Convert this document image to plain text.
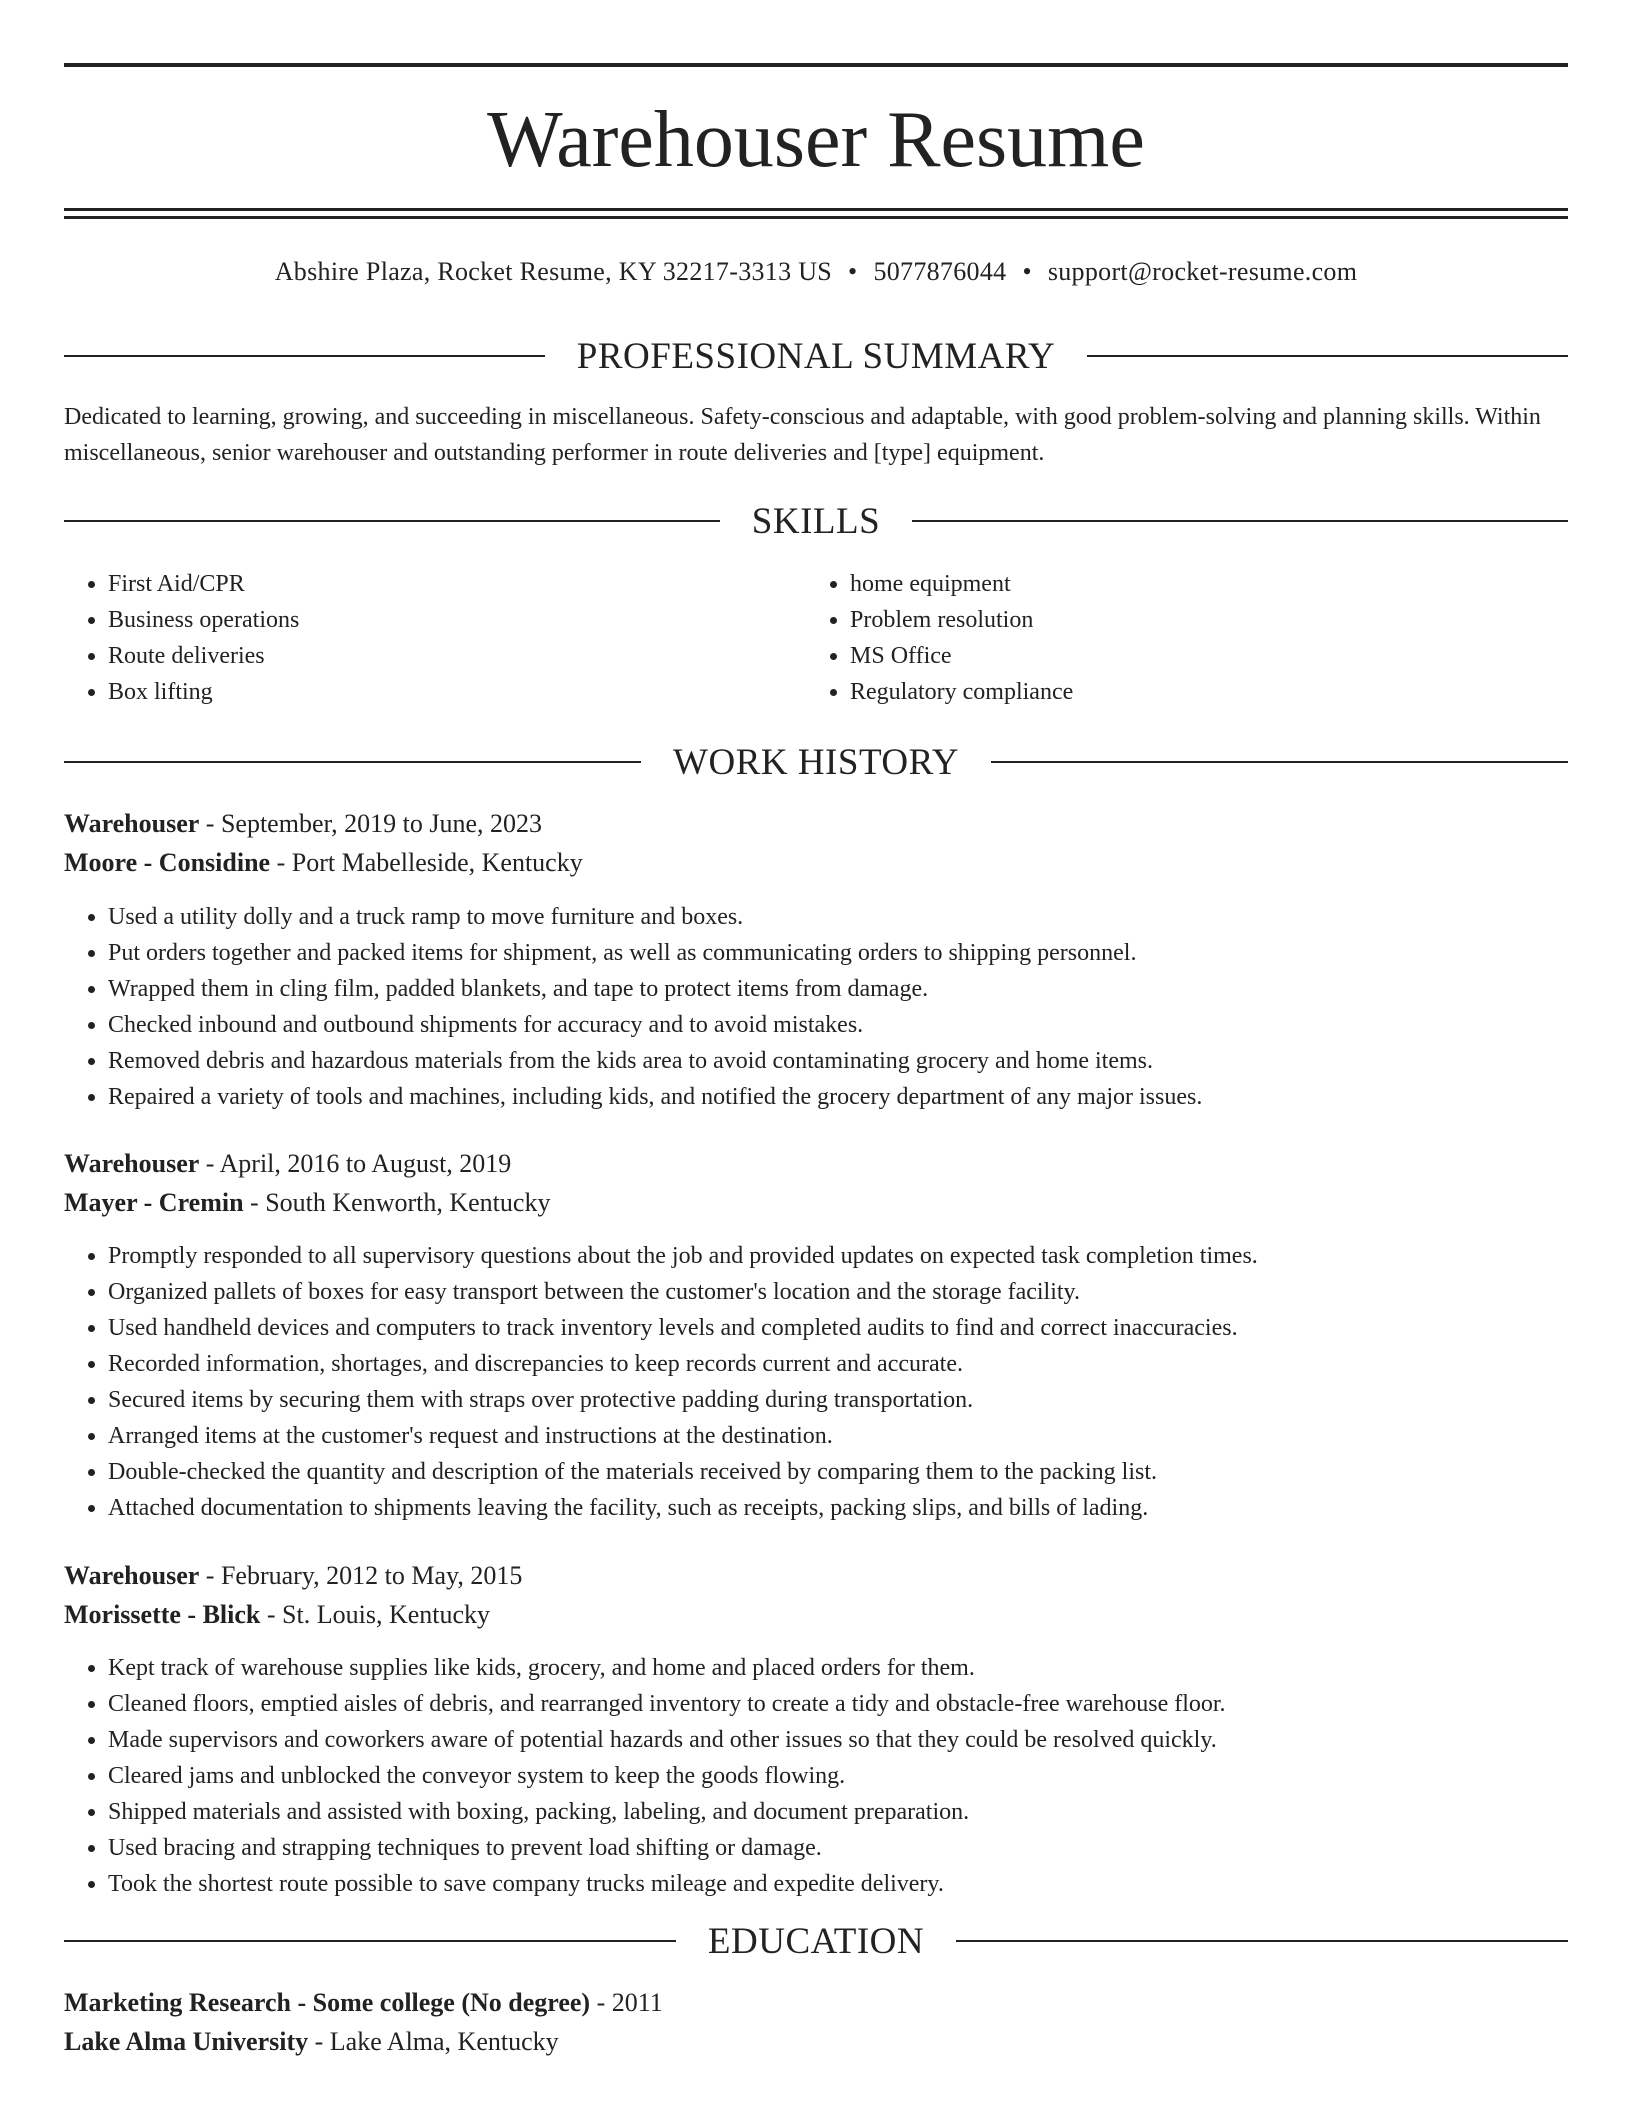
Warehouser Resume
Abshire Plaza, Rocket Resume, KY 32217-3313 US • 5077876044 • support@rocket-resume.com
PROFESSIONAL SUMMARY
Dedicated to learning, growing, and succeeding in miscellaneous. Safety-conscious and adaptable, with good problem-solving and planning skills. Within miscellaneous, senior warehouser and outstanding performer in route deliveries and [type] equipment.
SKILLS
• First Aid/CPR
• Business operations
• Route deliveries
• Box lifting
• home equipment
• Problem resolution
• MS Office
• Regulatory compliance
WORK HISTORY
Warehouser - September, 2019 to June, 2023
Moore - Considine - Port Mabelleside, Kentucky
• Used a utility dolly and a truck ramp to move furniture and boxes.
• Put orders together and packed items for shipment, as well as communicating orders to shipping personnel.
• Wrapped them in cling film, padded blankets, and tape to protect items from damage.
• Checked inbound and outbound shipments for accuracy and to avoid mistakes.
• Removed debris and hazardous materials from the kids area to avoid contaminating grocery and home items.
• Repaired a variety of tools and machines, including kids, and notified the grocery department of any major issues.
Warehouser - April, 2016 to August, 2019
Mayer - Cremin - South Kenworth, Kentucky
• Promptly responded to all supervisory questions about the job and provided updates on expected task completion times.
• Organized pallets of boxes for easy transport between the customer's location and the storage facility.
• Used handheld devices and computers to track inventory levels and completed audits to find and correct inaccuracies.
• Recorded information, shortages, and discrepancies to keep records current and accurate.
• Secured items by securing them with straps over protective padding during transportation.
• Arranged items at the customer's request and instructions at the destination.
• Double-checked the quantity and description of the materials received by comparing them to the packing list.
• Attached documentation to shipments leaving the facility, such as receipts, packing slips, and bills of lading.
Warehouser - February, 2012 to May, 2015
Morissette - Blick - St. Louis, Kentucky
• Kept track of warehouse supplies like kids, grocery, and home and placed orders for them.
• Cleaned floors, emptied aisles of debris, and rearranged inventory to create a tidy and obstacle-free warehouse floor.
• Made supervisors and coworkers aware of potential hazards and other issues so that they could be resolved quickly.
• Cleared jams and unblocked the conveyor system to keep the goods flowing.
• Shipped materials and assisted with boxing, packing, labeling, and document preparation.
• Used bracing and strapping techniques to prevent load shifting or damage.
• Took the shortest route possible to save company trucks mileage and expedite delivery.
EDUCATION
Marketing Research - Some college (No degree) - 2011
Lake Alma University - Lake Alma, Kentucky
